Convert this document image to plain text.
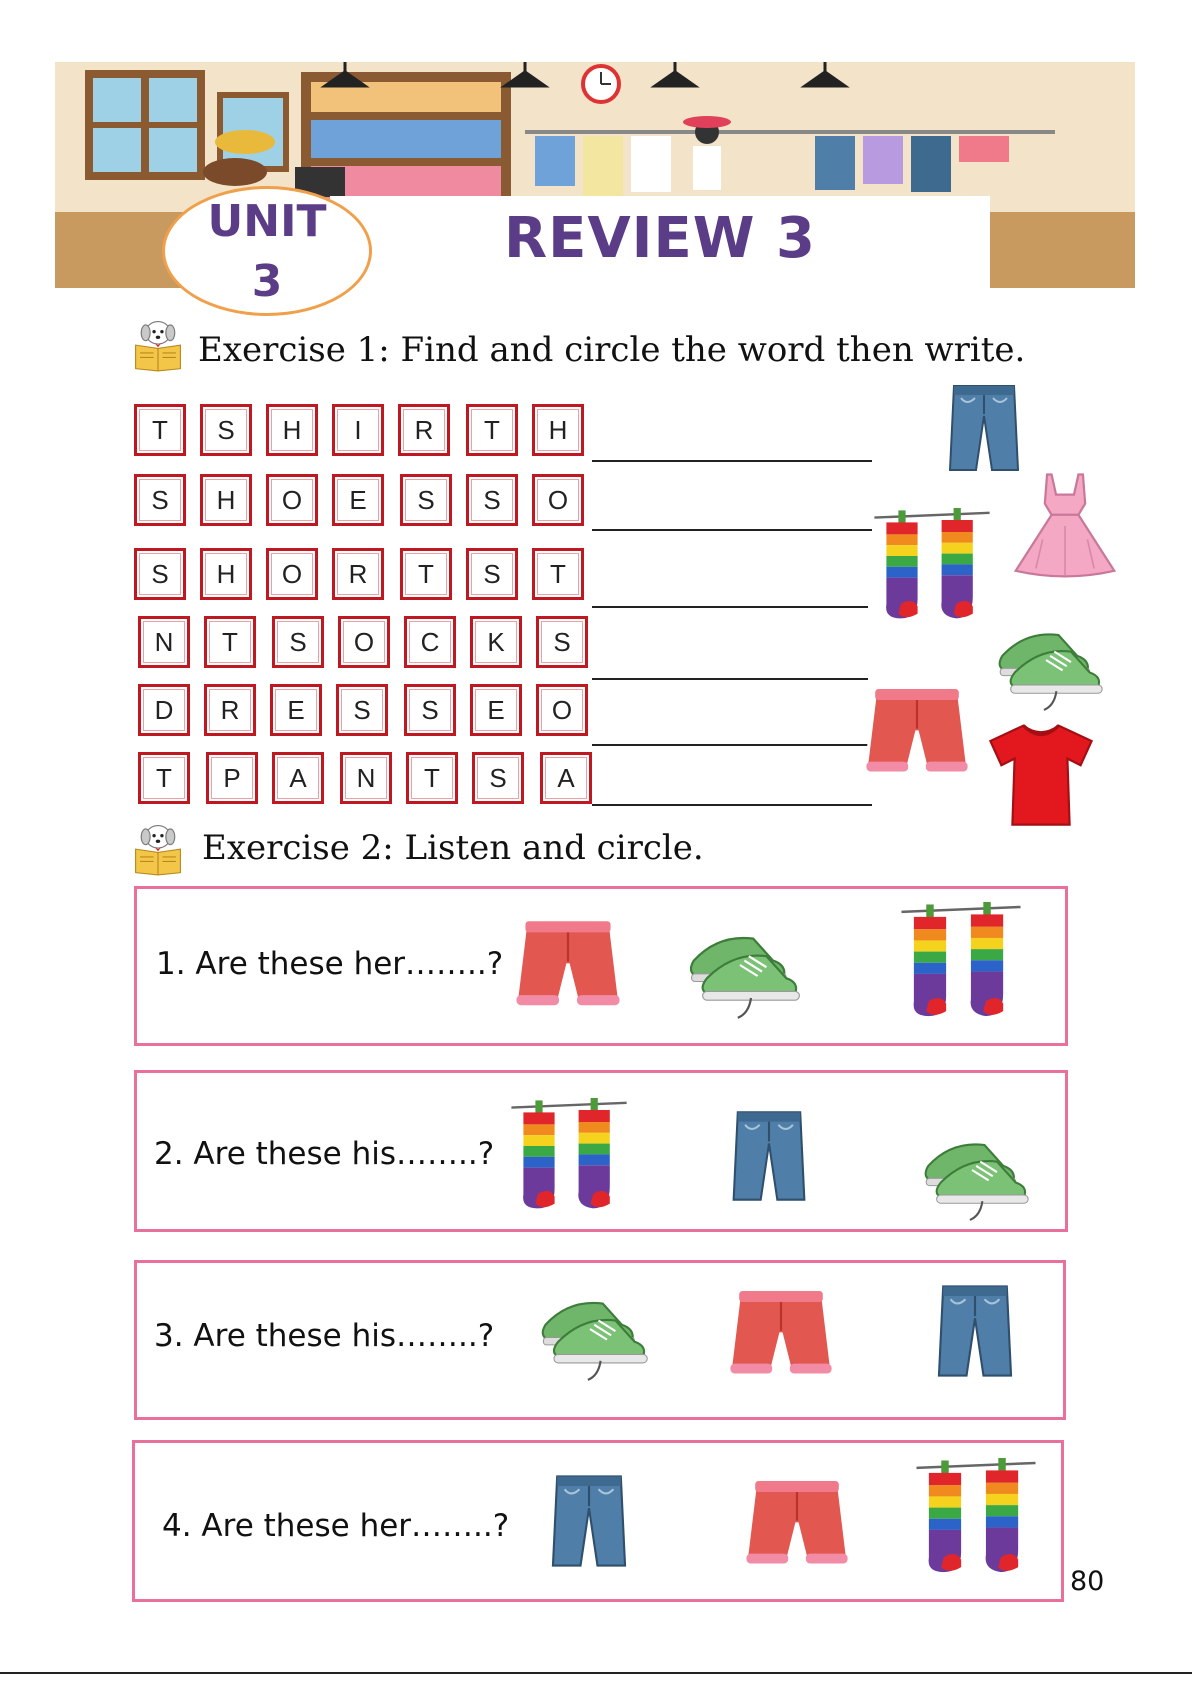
REVIEW 3
UNIT
3
Exercise 1: Find and circle the word then write.
T	S	H	I	R	T	H
S	H	O	E	S	S	O
S	H	O	R	T	S	T
N	T	S	O	C	K	S
D	R	E	S	S	E	O
T	P	A	N	T	S	A
Exercise 2: Listen and circle.
1. Are these her……..?
2. Are these his……..?
3. Are these his……..?
4. Are these her……..?
80
